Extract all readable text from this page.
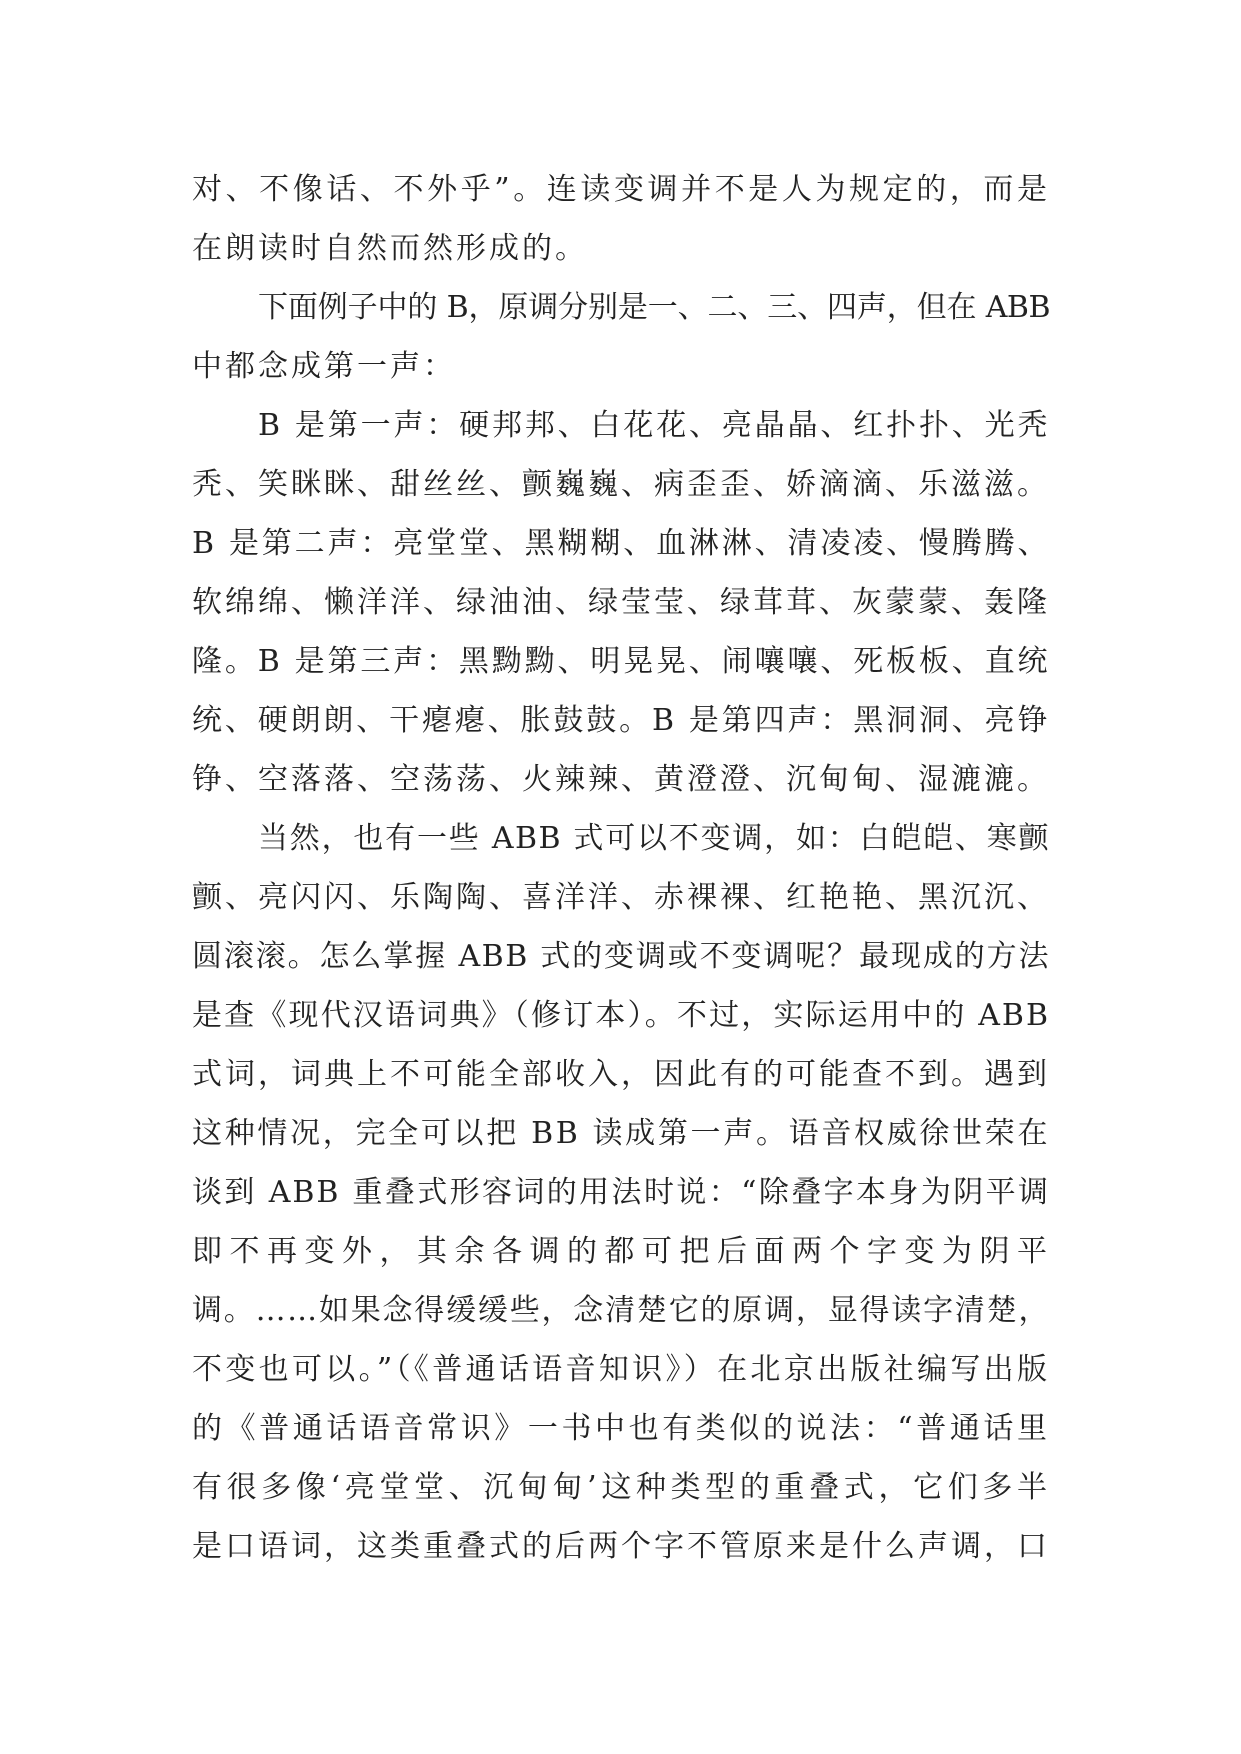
对、不像话、不外乎”。连读变调并不是人为规定的，而是
在朗读时自然而然形成的。
下面例子中的 B，原调分别是一、二、三、四声，但在 ABB
中都念成第一声：
B 是第一声：硬邦邦、白花花、亮晶晶、红扑扑、光秃
秃、笑眯眯、甜丝丝、颤巍巍、病歪歪、娇滴滴、乐滋滋。
B 是第二声：亮堂堂、黑糊糊、血淋淋、清凌凌、慢腾腾、
软绵绵、懒洋洋、绿油油、绿莹莹、绿茸茸、灰蒙蒙、轰隆
隆。B 是第三声：黑黝黝、明晃晃、闹嚷嚷、死板板、直统
统、硬朗朗、干瘪瘪、胀鼓鼓。B 是第四声：黑洞洞、亮铮
铮、空落落、空荡荡、火辣辣、黄澄澄、沉甸甸、湿漉漉。
当然，也有一些 ABB 式可以不变调，如：白皑皑、寒颤
颤、亮闪闪、乐陶陶、喜洋洋、赤裸裸、红艳艳、黑沉沉、
圆滚滚。怎么掌握 ABB 式的变调或不变调呢？最现成的方法
是查《现代汉语词典》（修订本）。不过，实际运用中的 ABB
式词，词典上不可能全部收入，因此有的可能查不到。遇到
这种情况，完全可以把 BB 读成第一声。语音权威徐世荣在
谈到 ABB 重叠式形容词的用法时说：“除叠字本身为阴平调
即不再变外，其余各调的都可把后面两个字变为阴平
调。……如果念得缓缓些，念清楚它的原调，显得读字清楚，
不变也可以。”（《普通话语音知识》）在北京出版社编写出版
的《普通话语音常识》一书中也有类似的说法：“普通话里
有很多像‘亮堂堂、沉甸甸’这种类型的重叠式，它们多半
是口语词，这类重叠式的后两个字不管原来是什么声调，口
